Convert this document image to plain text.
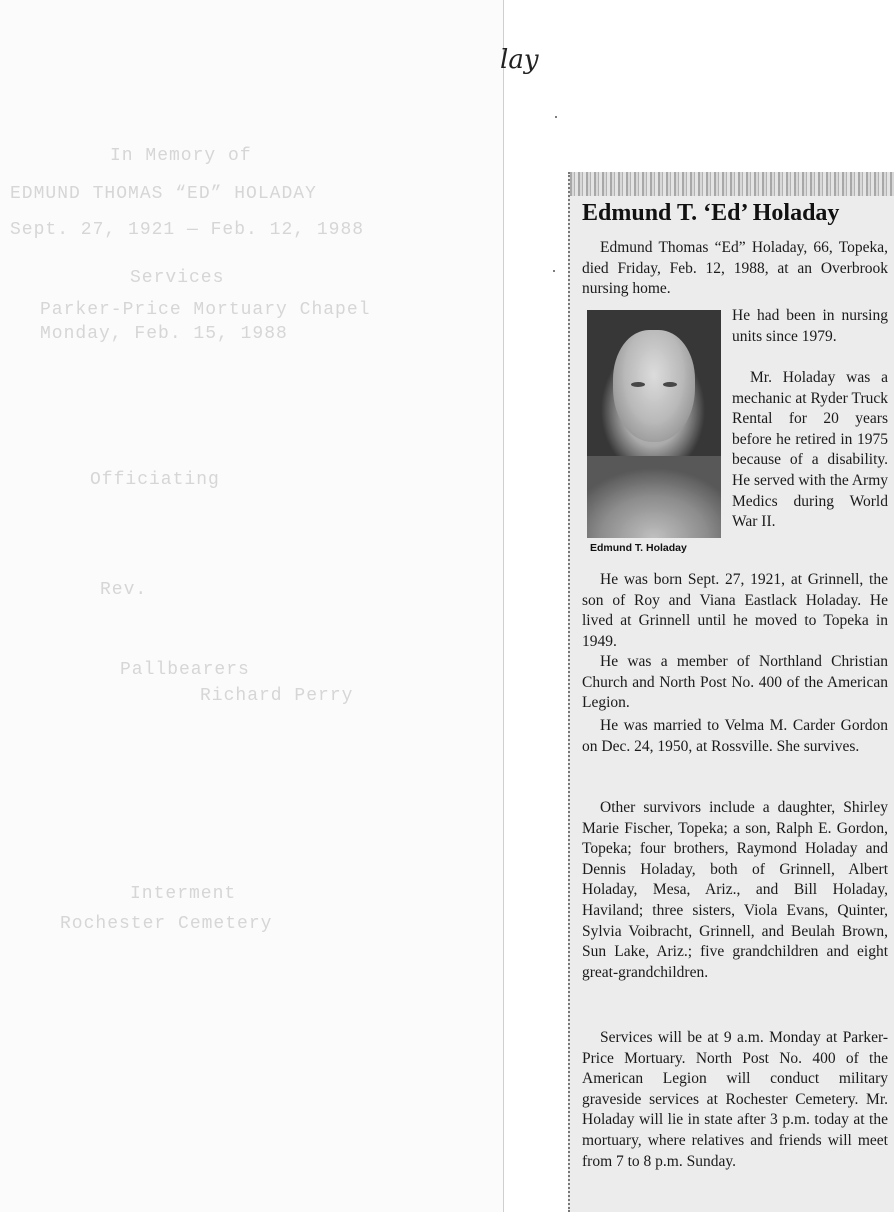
In Memory of
EDMUND THOMAS “ED” HOLADAY
Sept. 27, 1921 — Feb. 12, 1988
Services
Parker-Price Mortuary Chapel
Monday, Feb. 15, 1988
Officiating
Rev.
Pallbearers
Richard Perry
Interment
Rochester Cemetery
lay
Edmund T. ‘Ed’ Holaday
Edmund Thomas “Ed” Holaday, 66, Topeka, died Friday, Feb. 12, 1988, at an Overbrook nursing home.
Edmund T. Holaday
He had been in nursing units since 1979.
Mr. Holaday was a mechanic at Ryder Truck Rental for 20 years before he retired in 1975 because of a disability. He served with the Army Medics during World War II.
He was born Sept. 27, 1921, at Grinnell, the son of Roy and Viana Eastlack Holaday. He lived at Grinnell until he moved to Topeka in 1949.
He was a member of Northland Christian Church and North Post No. 400 of the American Legion.
He was married to Velma M. Carder Gordon on Dec. 24, 1950, at Rossville. She survives.
Other survivors include a daughter, Shirley Marie Fischer, Topeka; a son, Ralph E. Gordon, Topeka; four brothers, Raymond Holaday and Dennis Holaday, both of Grinnell, Albert Holaday, Mesa, Ariz., and Bill Holaday, Haviland; three sisters, Viola Evans, Quinter, Sylvia Voibracht, Grinnell, and Beulah Brown, Sun Lake, Ariz.; five grandchildren and eight great-grandchildren.
Services will be at 9 a.m. Monday at Parker-Price Mortuary. North Post No. 400 of the American Legion will conduct military graveside services at Rochester Cemetery. Mr. Holaday will lie in state after 3 p.m. today at the mortuary, where relatives and friends will meet from 7 to 8 p.m. Sunday.
